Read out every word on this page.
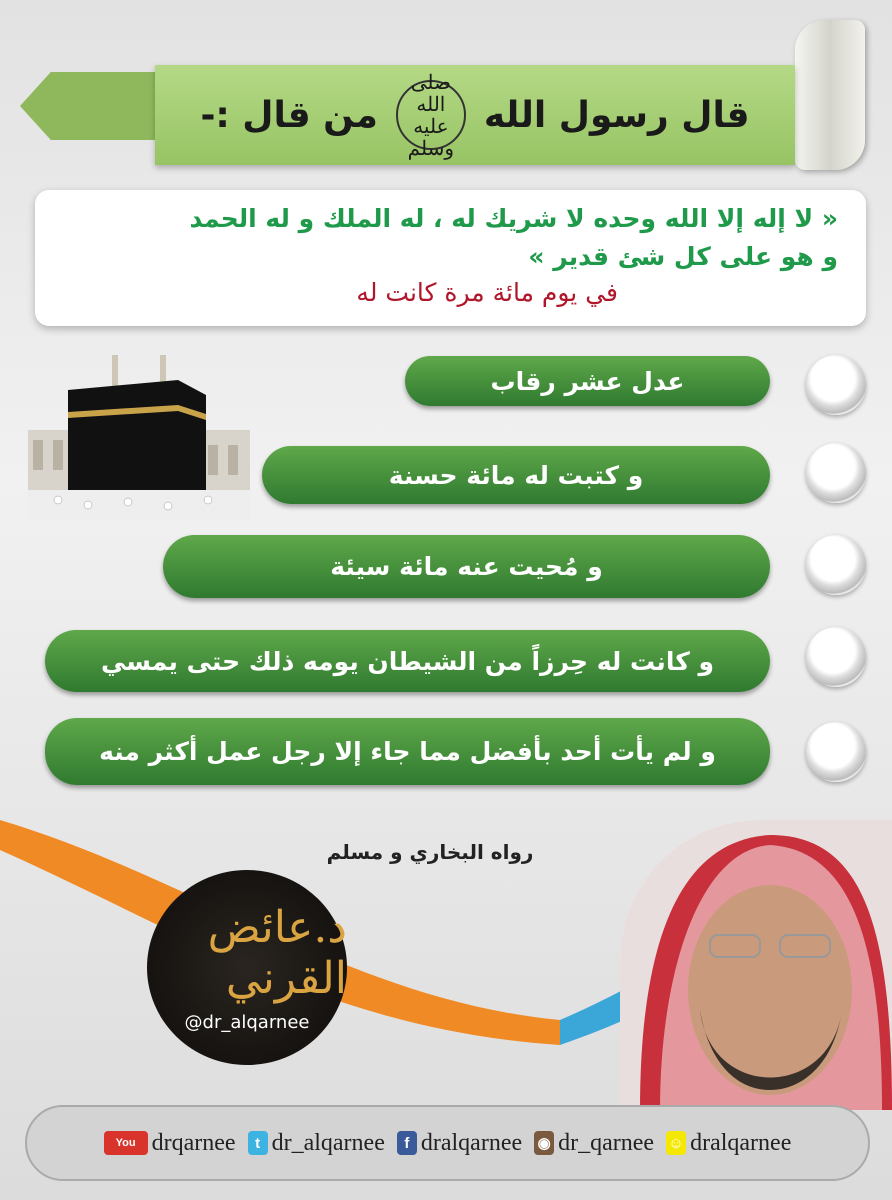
قال رسول الله
صلى الله عليه وسلم
من قال :-
« لا إله إلا الله وحده لا شريك له ، له الملك و له الحمد
و هو على كل شئ قدير »
في يوم مائة مرة كانت له
عدل عشر رقاب
و كتبت له مائة حسنة
و مُحيت عنه مائة سيئة
و كانت له حِرزاً من الشيطان يومه ذلك حتى يمسي
و لم يأت أحد بأفضل مما جاء إلا رجل عمل أكثر منه
رواه البخاري و مسلم
د.عائض القرني
@dr_alqarnee
You drqarnee	t dr_alqarnee	f dralqarnee ◉ dr_qarnee ☺ dralqarnee
